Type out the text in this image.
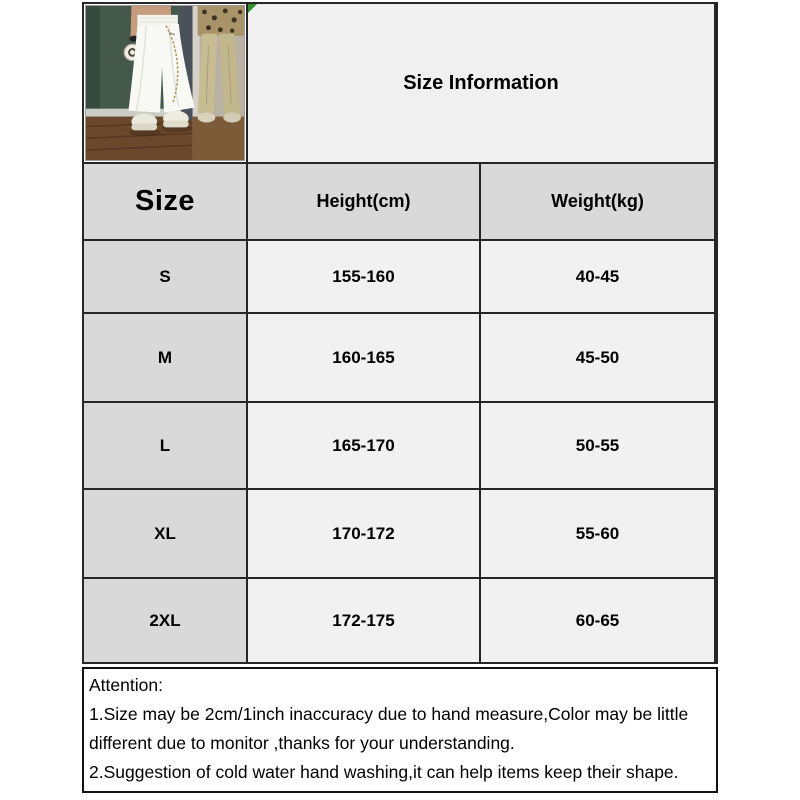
Size Information
Size	Height(cm)	Weight(kg)
S	155-160	40-45
M	160-165	45-50
L	165-170	50-55
XL	170-172	55-60
2XL	172-175	60-65
Attention:
1.Size may be 2cm/1inch inaccuracy due to hand measure,Color may be little different due to monitor ,thanks for your understanding.
2.Suggestion of cold water hand washing,it can help items keep their shape.
